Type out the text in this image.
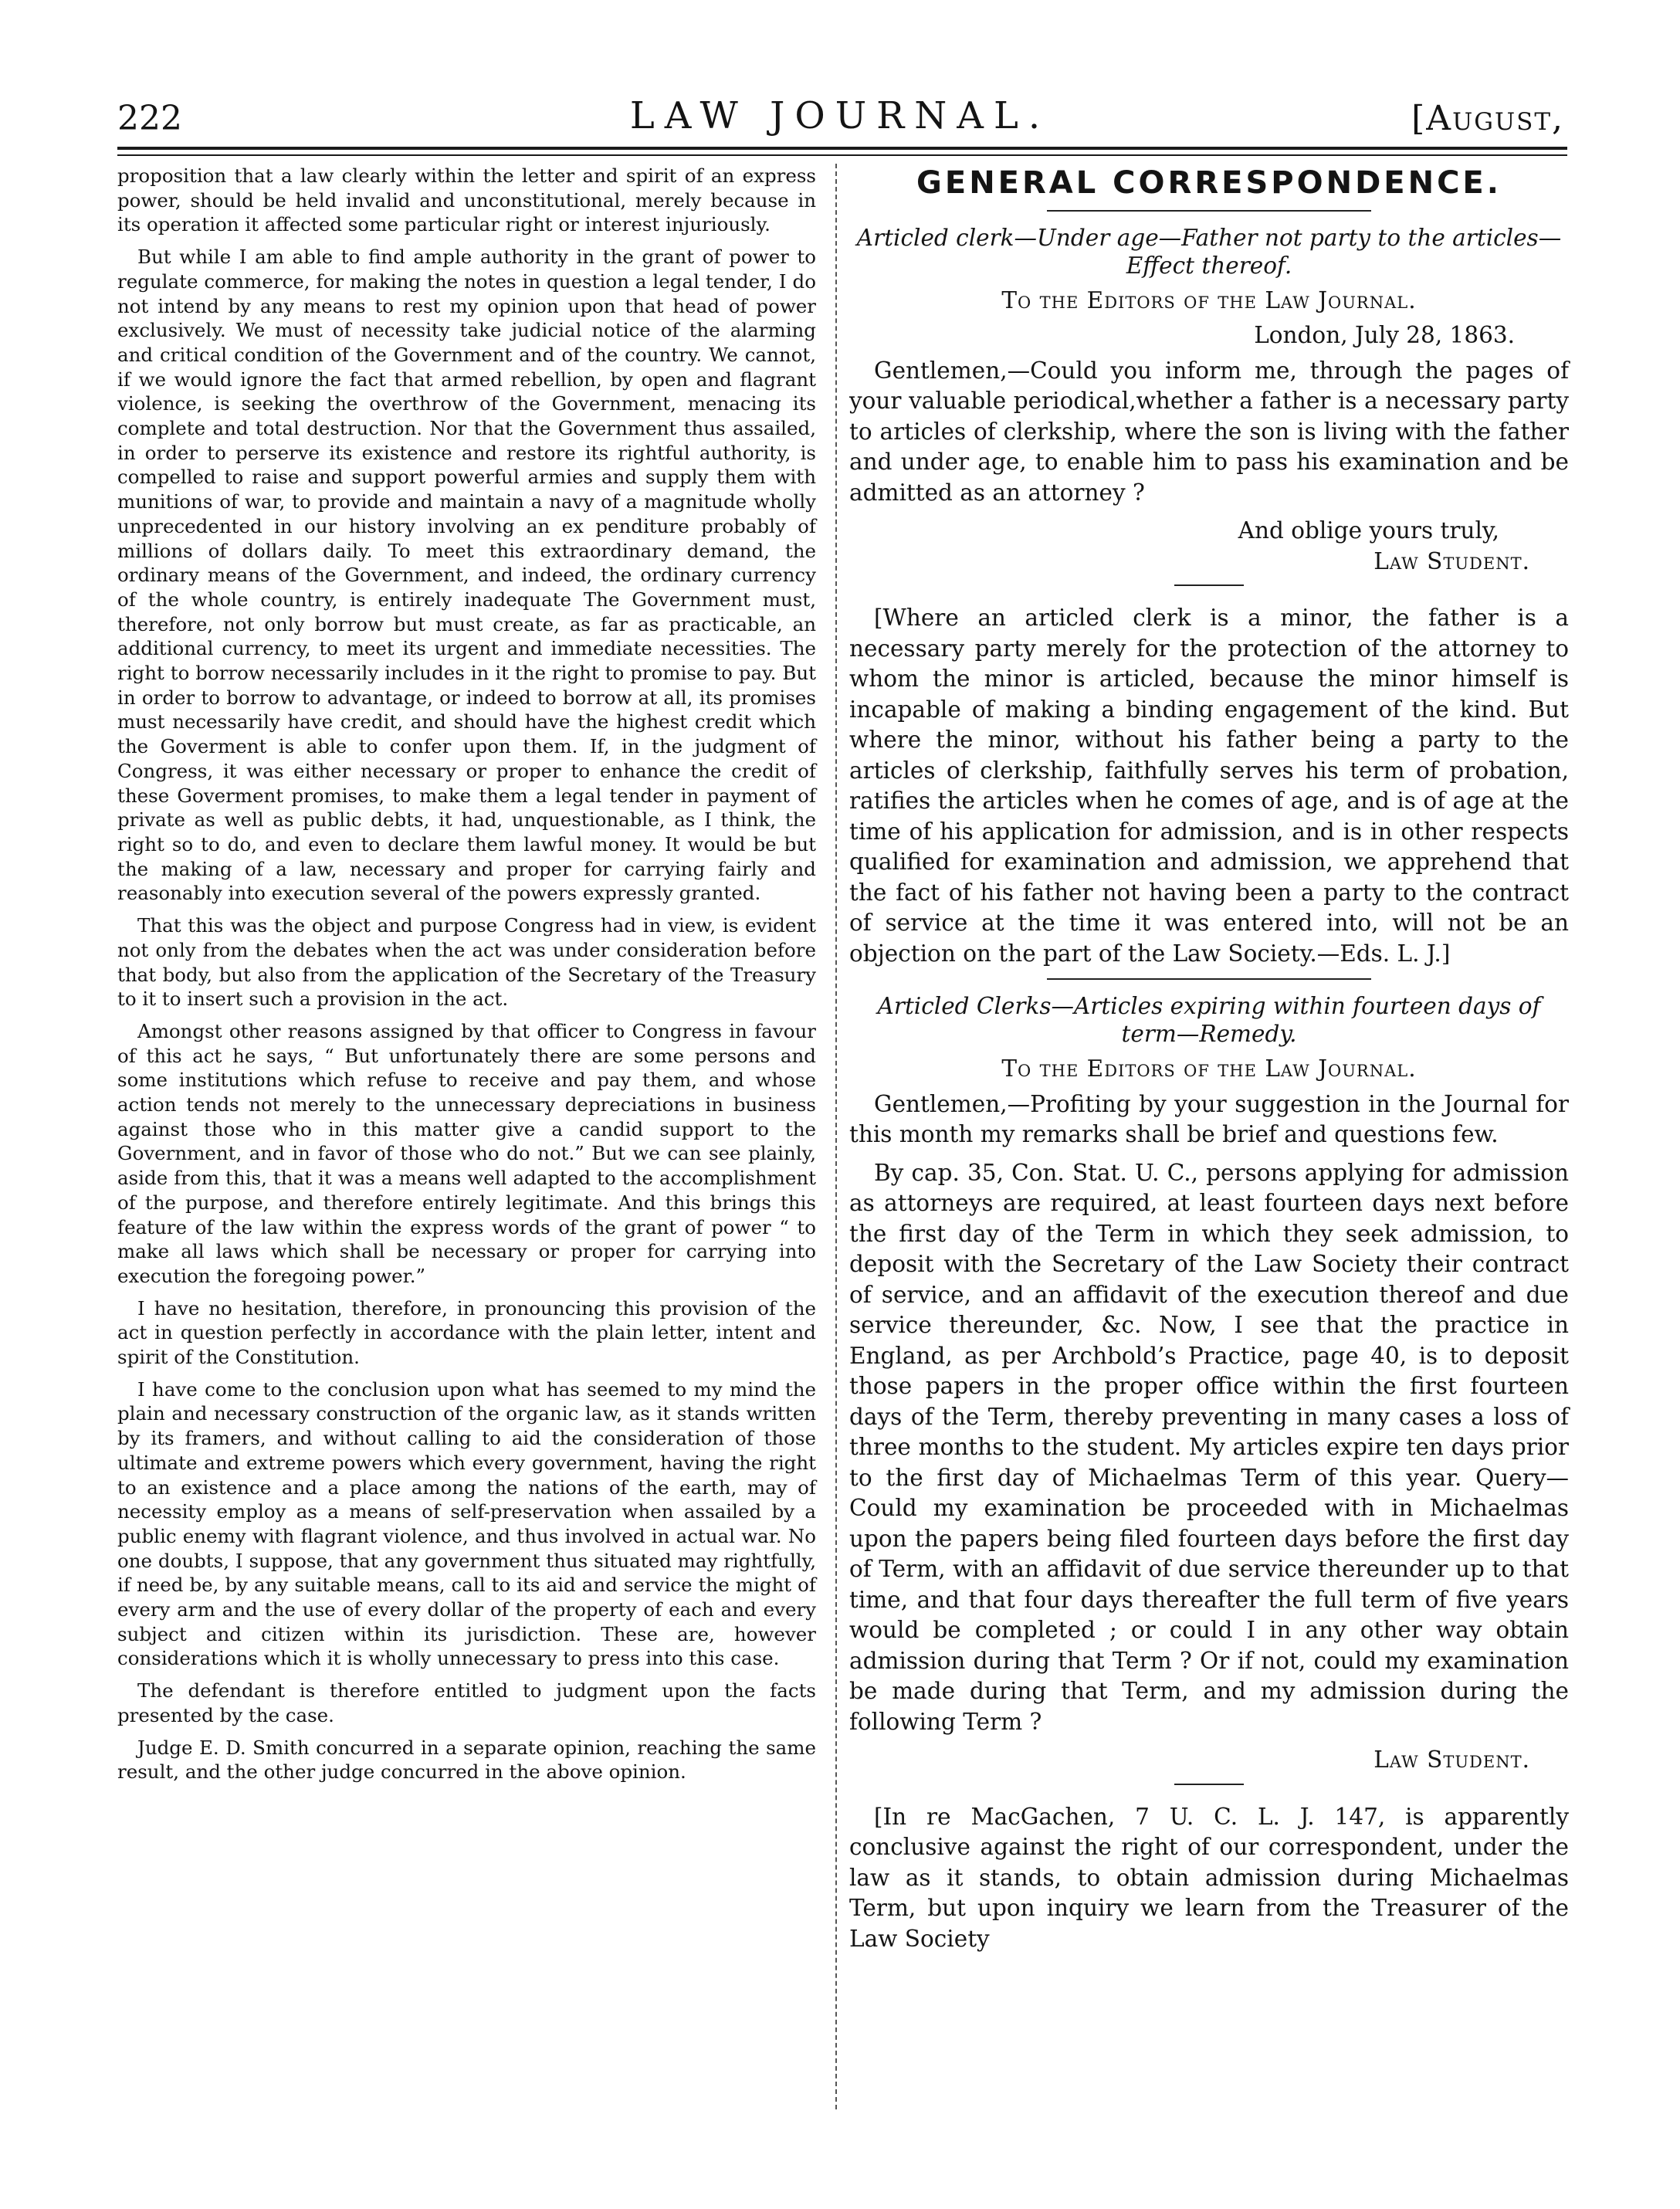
222	LAW JOURNAL.	[August,

proposition that a law clearly within the letter and spirit of an express power, should be held invalid and unconstitutional, merely because in its operation it affected some particular right or interest injuriously.

But while I am able to find ample authority in the grant of power to regulate commerce, for making the notes in question a legal tender, I do not intend by any means to rest my opinion upon that head of power exclusively. We must of necessity take judicial notice of the alarming and critical condition of the Government and of the country. We cannot, if we would ignore the fact that armed rebellion, by open and flagrant violence, is seeking the overthrow of the Government, menacing its complete and total destruction. Nor that the Government thus assailed, in order to perserve its existence and restore its rightful authority, is compelled to raise and support powerful armies and supply them with munitions of war, to provide and maintain a navy of a magnitude wholly unprecedented in our history involving an ex penditure probably of millions of dollars daily. To meet this extraordinary demand, the ordinary means of the Government, and indeed, the ordinary currency of the whole country, is entirely inadequate The Government must, therefore, not only borrow but must create, as far as practicable, an additional currency, to meet its urgent and immediate necessities. The right to borrow necessarily includes in it the right to promise to pay. But in order to borrow to advantage, or indeed to borrow at all, its promises must necessarily have credit, and should have the highest credit which the Goverment is able to confer upon them. If, in the judgment of Congress, it was either necessary or proper to enhance the credit of these Goverment promises, to make them a legal tender in payment of private as well as public debts, it had, unquestionable, as I think, the right so to do, and even to declare them lawful money. It would be but the making of a law, necessary and proper for carrying fairly and reasonably into execution several of the powers expressly granted.

That this was the object and purpose Congress had in view, is evident not only from the debates when the act was under consideration before that body, but also from the application of the Secretary of the Treasury to it to insert such a provision in the act.

Amongst other reasons assigned by that officer to Congress in favour of this act he says, “ But unfortunately there are some persons and some institutions which refuse to receive and pay them, and whose action tends not merely to the unnecessary depreciations in business against those who in this matter give a candid support to the Government, and in favor of those who do not.” But we can see plainly, aside from this, that it was a means well adapted to the accomplishment of the purpose, and therefore entirely legitimate. And this brings this feature of the law within the express words of the grant of power “ to make all laws which shall be necessary or proper for carrying into execution the foregoing power.”

I have no hesitation, therefore, in pronouncing this provision of the act in question perfectly in accordance with the plain letter, intent and spirit of the Constitution.

I have come to the conclusion upon what has seemed to my mind the plain and necessary construction of the organic law, as it stands written by its framers, and without calling to aid the consideration of those ultimate and extreme powers which every government, having the right to an existence and a place among the nations of the earth, may of necessity employ as a means of self-preservation when assailed by a public enemy with flagrant violence, and thus involved in actual war. No one doubts, I suppose, that any government thus situated may rightfully, if need be, by any suitable means, call to its aid and service the might of every arm and the use of every dollar of the property of each and every subject and citizen within its jurisdiction. These are, however considerations which it is wholly unnecessary to press into this case.

The defendant is therefore entitled to judgment upon the facts presented by the case.

Judge E. D. Smith concurred in a separate opinion, reaching the same result, and the other judge concurred in the above opinion.

GENERAL CORRESPONDENCE.
Articled clerk—Under age—Father not party to the articles—Effect thereof.
To the Editors of the Law Journal.
London, July 28, 1863.

Gentlemen,—Could you inform me, through the pages of your valuable periodical,whether a father is a necessary party to articles of clerkship, where the son is living with the father and under age, to enable him to pass his examination and be admitted as an attorney ?

And oblige yours truly,
Law Student.

[Where an articled clerk is a minor, the father is a necessary party merely for the protection of the attorney to whom the minor is articled, because the minor himself is incapable of making a binding engagement of the kind. But where the minor, without his father being a party to the articles of clerkship, faithfully serves his term of probation, ratifies the articles when he comes of age, and is of age at the time of his application for admission, and is in other respects qualified for examination and admission, we apprehend that the fact of his father not having been a party to the contract of service at the time it was entered into, will not be an objection on the part of the Law Society.—Eds. L. J.]

Articled Clerks—Articles expiring within fourteen days of term—Remedy.
To the Editors of the Law Journal.

Gentlemen,—Profiting by your suggestion in the Journal for this month my remarks shall be brief and questions few.

By cap. 35, Con. Stat. U. C., persons applying for admission as attorneys are required, at least fourteen days next before the first day of the Term in which they seek admission, to deposit with the Secretary of the Law Society their contract of service, and an affidavit of the execution thereof and due service thereunder, &c. Now, I see that the practice in England, as per Archbold’s Practice, page 40, is to deposit those papers in the proper office within the first fourteen days of the Term, thereby preventing in many cases a loss of three months to the student. My articles expire ten days prior to the first day of Michaelmas Term of this year. Query—Could my examination be proceeded with in Michaelmas upon the papers being filed fourteen days before the first day of Term, with an affidavit of due service thereunder up to that time, and that four days thereafter the full term of five years would be completed ; or could I in any other way obtain admission during that Term ? Or if not, could my examination be made during that Term, and my admission during the following Term ?

Law Student.

[In re MacGachen, 7 U. C. L. J. 147, is apparently conclusive against the right of our correspondent, under the law as it stands, to obtain admission during Michaelmas Term, but upon inquiry we learn from the Treasurer of the Law Society
